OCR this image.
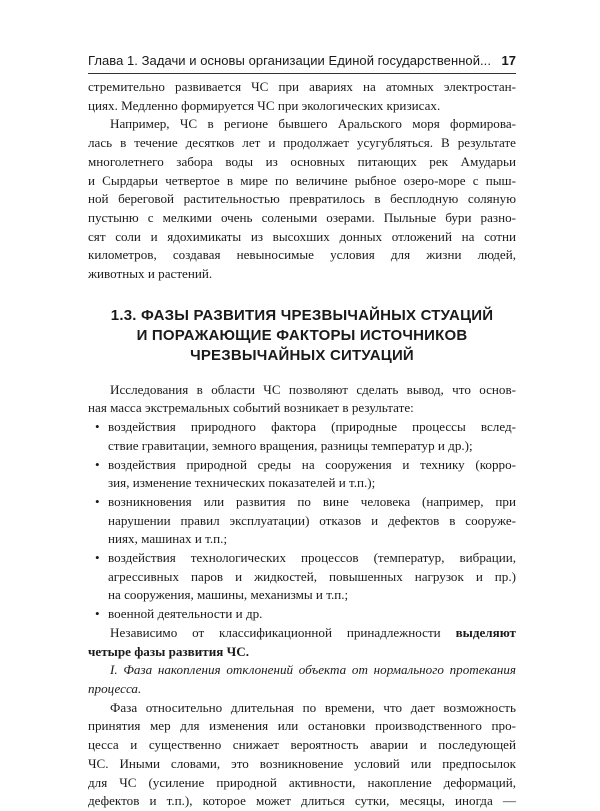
Глава 1. Задачи и основы организации Единой государственной... 17

стремительно развивается ЧС при авариях на атомных электростан-
циях. Медленно формируется ЧС при экологических кризисах.

Например, ЧС в регионе бывшего Аральского моря формирова-
лась в течение десятков лет и продолжает усугубляться. В результате
многолетнего забора воды из основных питающих рек Амударьи
и Сырдарьи четвертое в мире по величине рыбное озеро-море с пыш-
ной береговой растительностью превратилось в бесплодную соляную
пустыню с мелкими очень солеными озерами. Пыльные бури разно-
сят соли и ядохимикаты из высохших донных отложений на сотни
километров, создавая невыносимые условия для жизни людей,
животных и растений.

1.3. ФАЗЫ РАЗВИТИЯ ЧРЕЗВЫЧАЙНЫХ СТУАЦИЙ
И ПОРАЖАЮЩИЕ ФАКТОРЫ ИСТОЧНИКОВ
ЧРЕЗВЫЧАЙНЫХ СИТУАЦИЙ

Исследования в области ЧС позволяют сделать вывод, что основ-
ная масса экстремальных событий возникает в результате:

• воздействия природного фактора (природные процессы вслед-
ствие гравитации, земного вращения, разницы температур и др.);
• воздействия природной среды на сооружения и технику (корро-
зия, изменение технических показателей и т.п.);
• возникновения или развития по вине человека (например, при
нарушении правил эксплуатации) отказов и дефектов в сооруже-
ниях, машинах и т.п.;
• воздействия технологических процессов (температур, вибрации,
агрессивных паров и жидкостей, повышенных нагрузок и пр.)
на сооружения, машины, механизмы и т.п.;
• военной деятельности и др.

Независимо от классификационной принадлежности выделяют
четыре фазы развития ЧС.

I. Фаза накопления отклонений объекта от нормального протекания
процесса.

Фаза относительно длительная по времени, что дает возможность
принятия мер для изменения или остановки производственного про-
цесса и существенно снижает вероятность аварии и последующей
ЧС. Иными словами, это возникновение условий или предпосылок
для ЧС (усиление природной активности, накопление деформаций,
дефектов и т.п.), которое может длиться сутки, месяцы, иногда —
